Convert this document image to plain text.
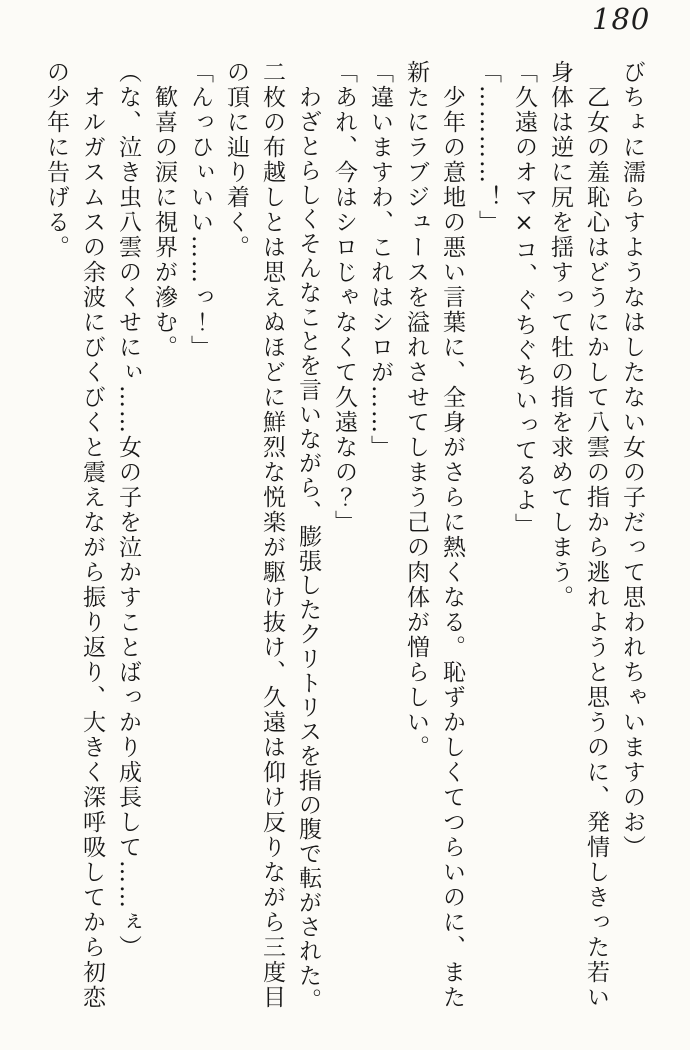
180
びちょに濡らすようなはしたない女の子だって思われちゃいますのお）
乙女の羞恥心はどうにかして八雲の指から逃れようと思うのに、発情しきった若い
身体は逆に尻を揺すって牡の指を求めてしまう。
「久遠のオマ×コ、ぐちぐちいってるよ」
「…………！」
少年の意地の悪い言葉に、全身がさらに熱くなる。恥ずかしくてつらいのに、また
新たにラブジュースを溢れさせてしまう己の肉体が憎らしい。
「違いますわ、これはシロが……」
「あれ、今はシロじゃなくて久遠なの？」
わざとらしくそんなことを言いながら、膨張したクリトリスを指の腹で転がされた。
二枚の布越しとは思えぬほどに鮮烈な悦楽が駆け抜け、久遠は仰け反りながら三度目
の頂に辿り着く。
「んっひぃいい……っ！」
歓喜の涙に視界が滲む。
（な、泣き虫八雲のくせにぃ……女の子を泣かすことばっかり成長して……ぇ）
オルガスムスの余波にびくびくと震えながら振り返り、大きく深呼吸してから初恋
の少年に告げる。
